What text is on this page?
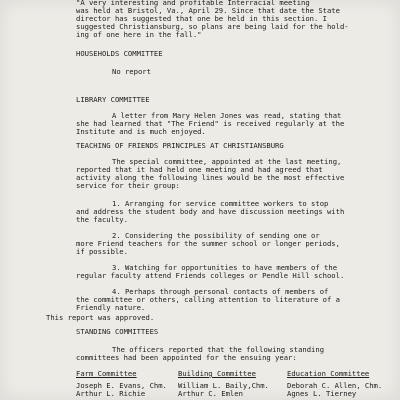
"A very interesting and profitable Interracial meeting
was held at Bristol, Va., April 29. Since that date the State
director has suggested that one be held in this section. I
suggested Christiansburg, so plans are being laid for the hold-
ing of one here in the fall."
HOUSEHOLDS COMMITTEE
No report
LIBRARY COMMITTEE
A letter from Mary Helen Jones was read, stating that
she had learned that "The Friend" is received regularly at the
Institute and is much enjoyed.
TEACHING OF FRIENDS PRINCIPLES AT CHRISTIANSBURG
The special committee, appointed at the last meeting,
reported that it had held one meeting and had agreed that
activity along the following lines would be the most effective
service for their group:
1. Arranging for service committee workers to stop
and address the student body and have discussion meetings with
the faculty.
2. Considering the possibility of sending one or
more Friend teachers for the summer school or longer periods,
if possible.
3. Watching for opportunities to have members of the
regular faculty attend Friends colleges or Pendle Hill school.
4. Perhaps through personal contacts of members of
the committee or others, calling attention to literature of a
Friendly nature.
This report was approved.
STANDING COMMITTEES
The officers reported that the following standing
committees had been appointed for the ensuing year:
Farm Committee
Joseph E. Evans, Chm.
Arthur L. Richie
Building Committee
William L. Baily,Chm.
Arthur C. Emlen
Education Committee
Deborah C. Allen, Chm.
Agnes L. Tierney
